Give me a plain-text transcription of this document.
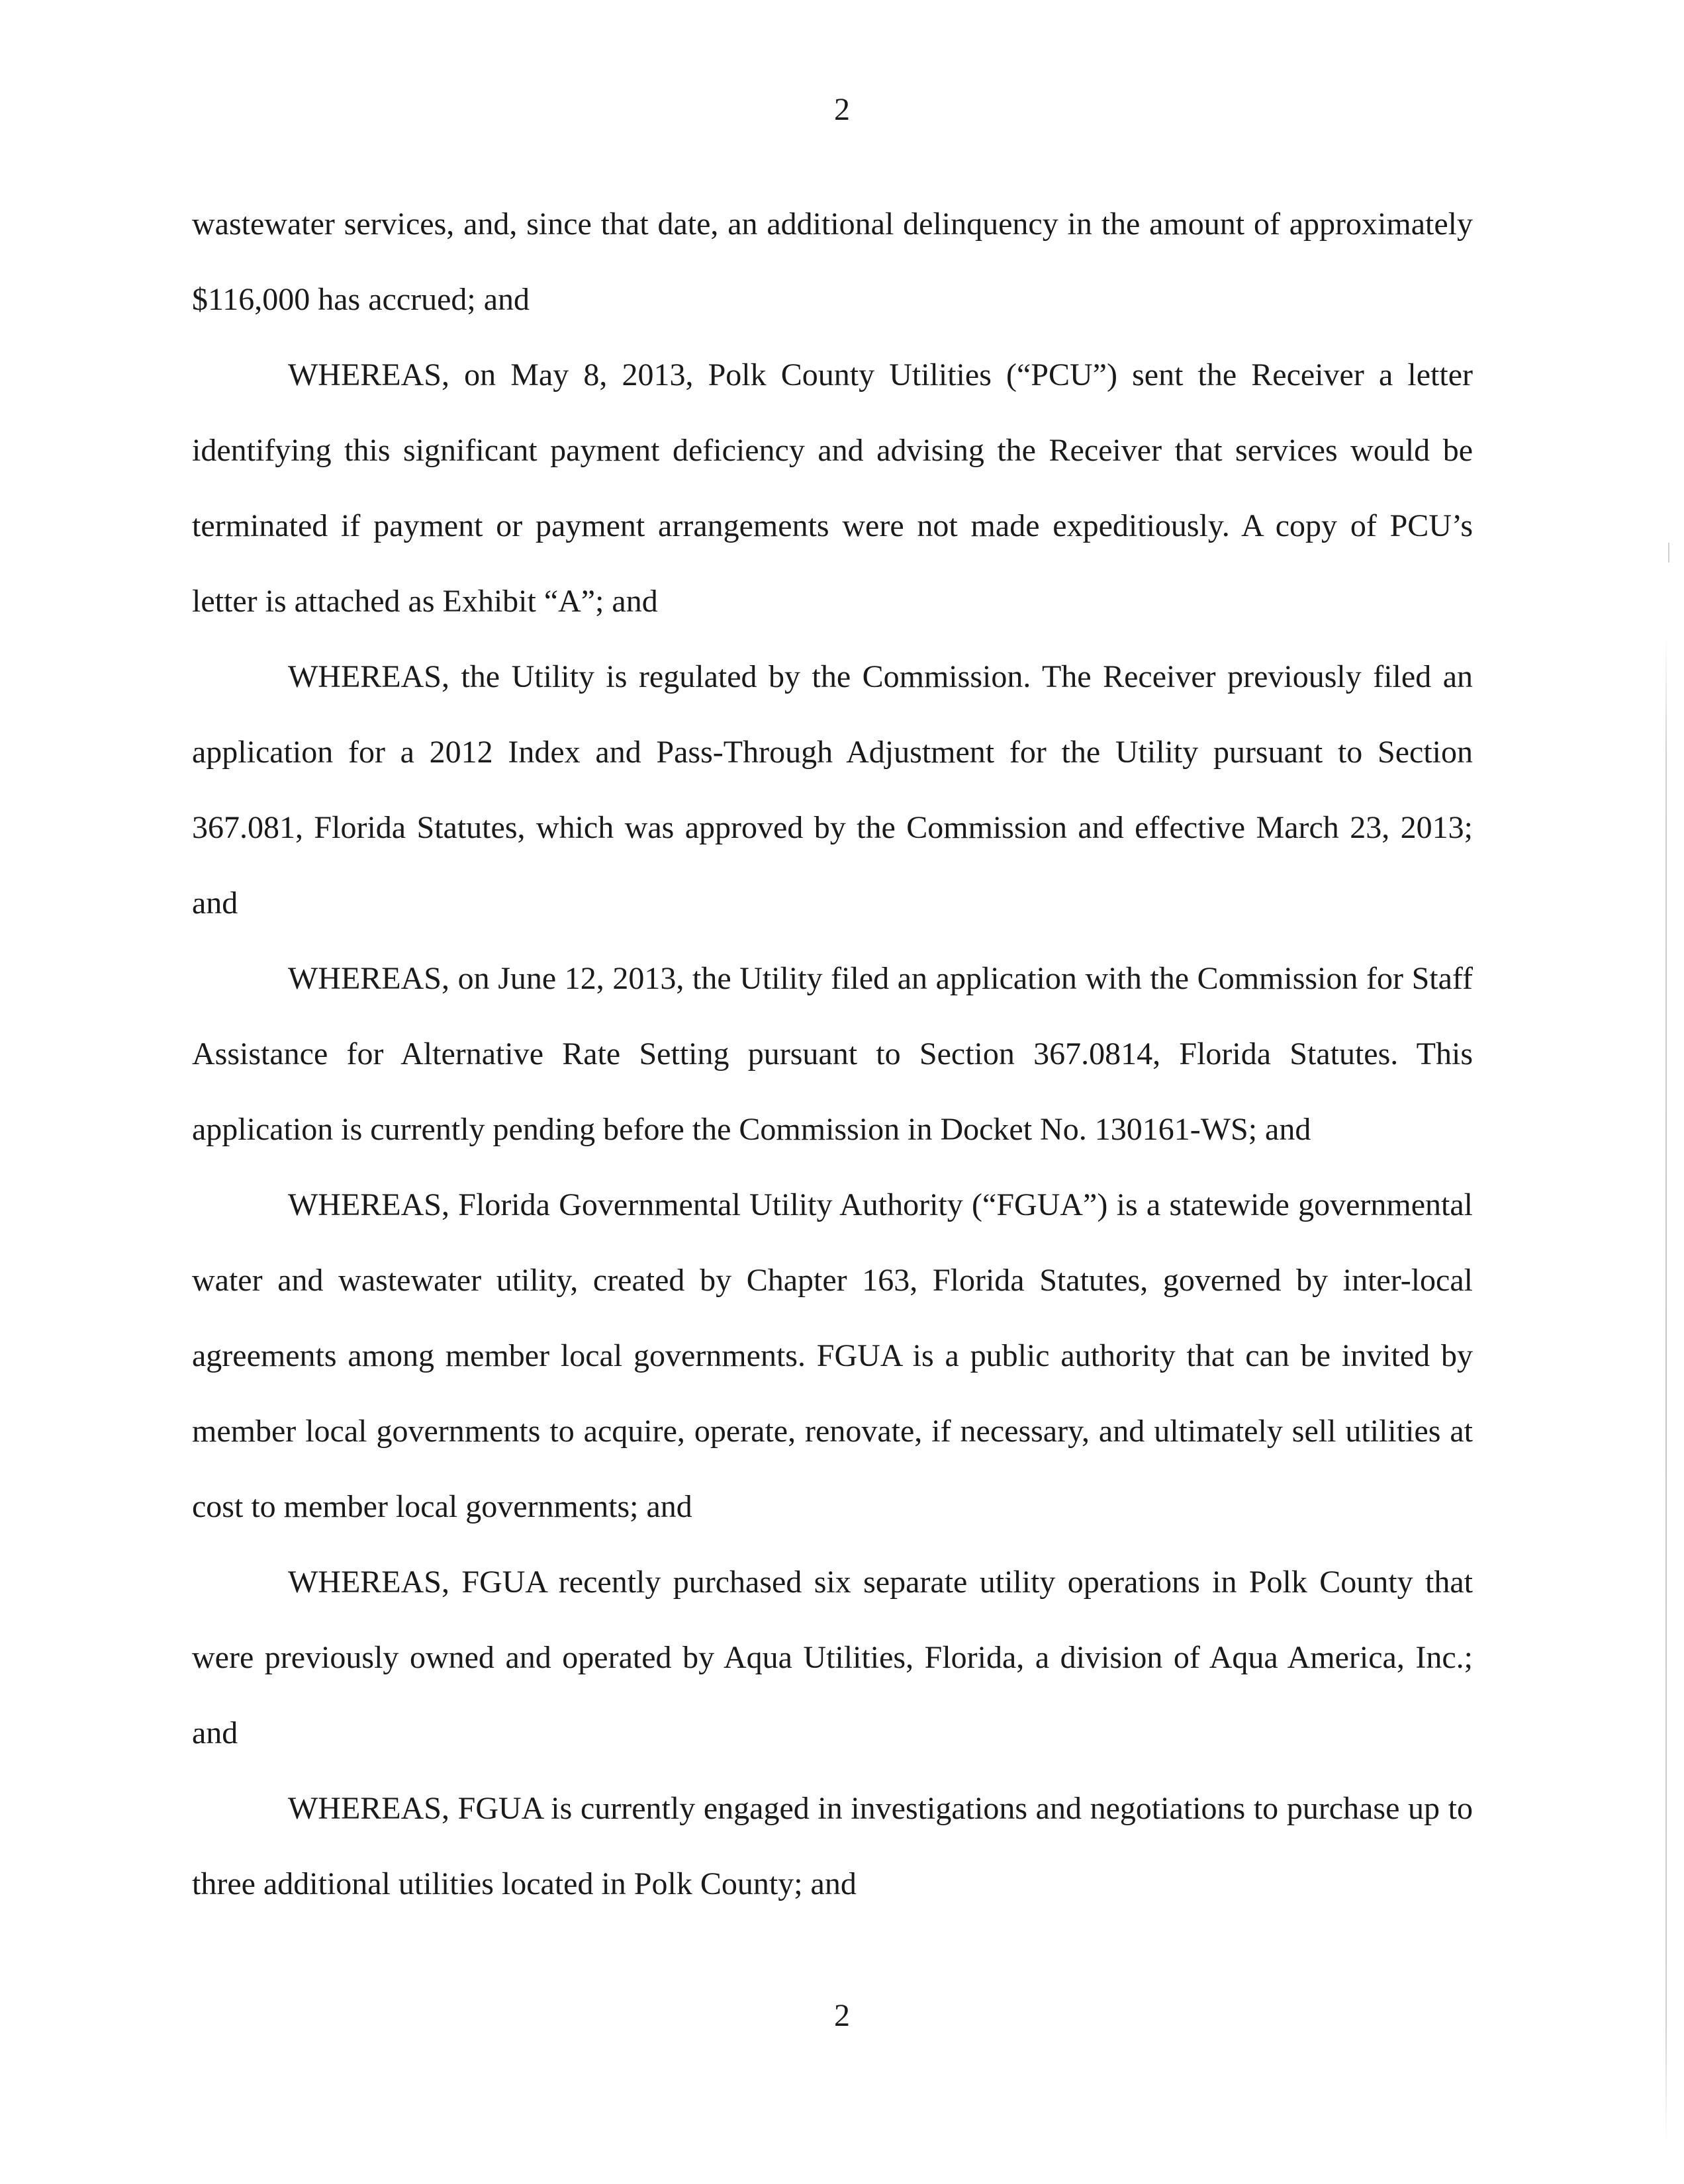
2

wastewater services, and, since that date, an additional delinquency in the amount of approximately $116,000 has accrued; and

WHEREAS, on May 8, 2013, Polk County Utilities (“PCU”) sent the Receiver a letter identifying this significant payment deficiency and advising the Receiver that services would be terminated if payment or payment arrangements were not made expeditiously. A copy of PCU’s letter is attached as Exhibit “A”; and

WHEREAS, the Utility is regulated by the Commission. The Receiver previously filed an application for a 2012 Index and Pass-Through Adjustment for the Utility pursuant to Section 367.081, Florida Statutes, which was approved by the Commission and effective March 23, 2013; and

WHEREAS, on June 12, 2013, the Utility filed an application with the Commission for Staff Assistance for Alternative Rate Setting pursuant to Section 367.0814, Florida Statutes. This application is currently pending before the Commission in Docket No. 130161-WS; and

WHEREAS, Florida Governmental Utility Authority (“FGUA”) is a statewide governmental water and wastewater utility, created by Chapter 163, Florida Statutes, governed by inter-local agreements among member local governments. FGUA is a public authority that can be invited by member local governments to acquire, operate, renovate, if necessary, and ultimately sell utilities at cost to member local governments; and

WHEREAS, FGUA recently purchased six separate utility operations in Polk County that were previously owned and operated by Aqua Utilities, Florida, a division of Aqua America, Inc.; and

WHEREAS, FGUA is currently engaged in investigations and negotiations to purchase up to three additional utilities located in Polk County; and

2
